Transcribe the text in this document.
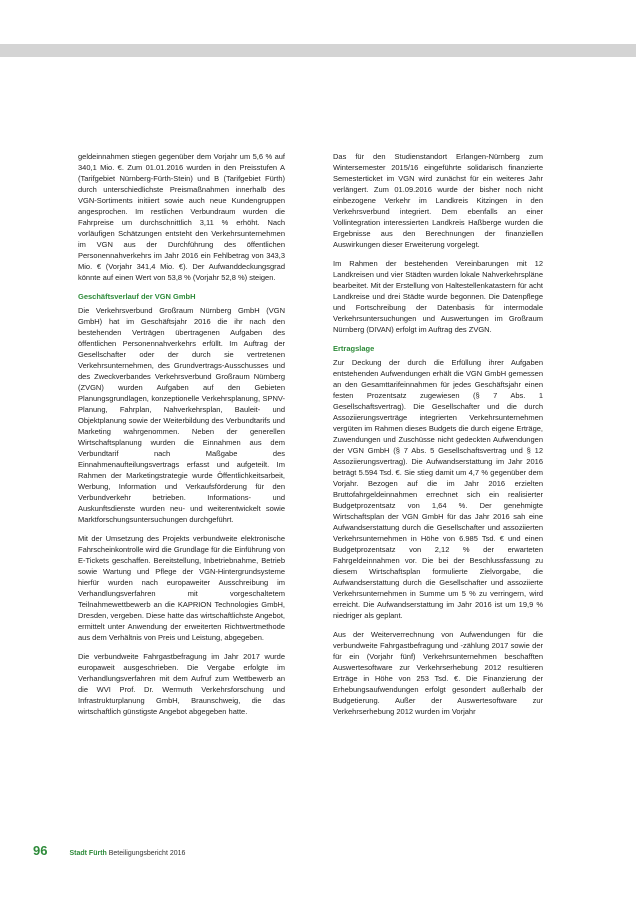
geldeinnahmen stiegen gegenüber dem Vorjahr um 5,6 % auf 340,1 Mio. €. Zum 01.01.2016 wurden in den Preisstufen A (Tarifgebiet Nürnberg-Fürth-Stein) und B (Tarifgebiet Fürth) durch unterschiedlichste Preismaßnahmen innerhalb des VGN-Sortiments initiiert sowie auch neue Kundengruppen angesprochen. Im restlichen Verbundraum wurden die Fahrpreise um durchschnittlich 3,11 % erhöht. Nach vorläufigen Schätzungen entsteht den Verkehrsunternehmen im VGN aus der Durchführung des öffentlichen Personennahverkehrs im Jahr 2016 ein Fehlbetrag von 343,3 Mio. € (Vorjahr 341,4 Mio. €). Der Aufwanddeckungsgrad könnte auf einen Wert von 53,8 % (Vorjahr 52,8 %) steigen.

Geschäftsverlauf der VGN GmbH

Die Verkehrsverbund Großraum Nürnberg GmbH (VGN GmbH) hat im Geschäftsjahr 2016 die ihr nach den bestehenden Verträgen übertragenen Aufgaben des öffentlichen Personennahverkehrs erfüllt. Im Auftrag der Gesellschafter oder der durch sie vertretenen Verkehrsunternehmen, des Grundvertrags-Ausschusses und des Zweckverbandes Verkehrsverbund Großraum Nürnberg (ZVGN) wurden Aufgaben auf den Gebieten Planungsgrundlagen, konzeptionelle Verkehrsplanung, SPNV-Planung, Fahrplan, Nahverkehrsplan, Bauleit- und Objektplanung sowie der Weiterbildung des Verbundtarifs und Marketing wahrgenommen. Neben der generellen Wirtschaftsplanung wurden die Einnahmen aus dem Verbundtarif nach Maßgabe des Einnahmenaufteilungsvertrags erfasst und aufgeteilt. Im Rahmen der Marketingstrategie wurde Öffentlichkeitsarbeit, Werbung, Information und Verkaufsförderung für den Verbundverkehr betrieben. Informations- und Auskunftsdienste wurden neu- und weiterentwickelt sowie Marktforschungsuntersuchungen durchgeführt.

Mit der Umsetzung des Projekts verbundweite elektronische Fahrscheinkontrolle wird die Grundlage für die Einführung von E-Tickets geschaffen. Bereitstellung, Inbetriebnahme, Betrieb sowie Wartung und Pflege der VGN-Hintergrundsysteme hierfür wurden nach europaweiter Ausschreibung im Verhandlungsverfahren mit vorgeschaltetem Teilnahmewettbewerb an die KAPRION Technologies GmbH, Dresden, vergeben. Diese hatte das wirtschaftlichste Angebot, ermittelt unter Anwendung der erweiterten Richtwertmethode aus dem Verhältnis von Preis und Leistung, abgegeben.

Die verbundweite Fahrgastbefragung im Jahr 2017 wurde europaweit ausgeschrieben. Die Vergabe erfolgte im Verhandlungsverfahren mit dem Aufruf zum Wettbewerb an die WVI Prof. Dr. Wermuth Verkehrsforschung und Infrastrukturplanung GmbH, Braunschweig, die das wirtschaftlich günstigste Angebot abgegeben hatte.

Das für den Studienstandort Erlangen-Nürnberg zum Wintersemester 2015/16 eingeführte solidarisch finanzierte Semesterticket im VGN wird zunächst für ein weiteres Jahr verlängert. Zum 01.09.2016 wurde der bisher noch nicht einbezogene Verkehr im Landkreis Kitzingen in den Verkehrsverbund integriert. Dem ebenfalls an einer Vollintegration interessierten Landkreis Haßberge wurden die Ergebnisse aus den Berechnungen der finanziellen Auswirkungen dieser Erweiterung vorgelegt.

Im Rahmen der bestehenden Vereinbarungen mit 12 Landkreisen und vier Städten wurden lokale Nahverkehrspläne bearbeitet. Mit der Erstellung von Haltestellenkatastern für acht Landkreise und drei Städte wurde begonnen. Die Datenpflege und Fortschreibung der Datenbasis für intermodale Verkehrsuntersuchungen und Auswertungen im Großraum Nürnberg (DIVAN) erfolgt im Auftrag des ZVGN.

Ertragslage

Zur Deckung der durch die Erfüllung ihrer Aufgaben entstehenden Aufwendungen erhält die VGN GmbH gemessen an den Gesamttarifeinnahmen für jedes Geschäftsjahr einen festen Prozentsatz zugewiesen (§ 7 Abs. 1 Gesellschaftsvertrag). Die Gesellschafter und die durch Assoziierungsverträge integrierten Verkehrsunternehmen vergüten im Rahmen dieses Budgets die durch eigene Erträge, Zuwendungen und Zuschüsse nicht gedeckten Aufwendungen der VGN GmbH (§ 7 Abs. 5 Gesellschaftsvertrag und § 12 Assoziierungsvertrag). Die Aufwandserstattung im Jahr 2016 beträgt 5.594 Tsd. €. Sie stieg damit um 4,7 % gegenüber dem Vorjahr. Bezogen auf die im Jahr 2016 erzielten Bruttofahrgeldeinnahmen errechnet sich ein realisierter Budgetprozentsatz von 1,64 %. Der genehmigte Wirtschaftsplan der VGN GmbH für das Jahr 2016 sah eine Aufwandserstattung durch die Gesellschafter und assoziierten Verkehrsunternehmen in Höhe von 6.985 Tsd. € und einen Budgetprozentsatz von 2,12 % der erwarteten Fahrgeldeinnahmen vor. Die bei der Beschlussfassung zu diesem Wirtschaftsplan formulierte Zielvorgabe, die Aufwandserstattung durch die Gesellschafter und assoziierte Verkehrsunternehmen in Summe um 5 % zu verringern, wird erreicht. Die Aufwandserstattung im Jahr 2016 ist um 19,9 % niedriger als geplant.

Aus der Weiterverrechnung von Aufwendungen für die verbundweite Fahrgastbefragung und -zählung 2017 sowie der für ein (Vorjahr fünf) Verkehrsunternehmen beschafften Auswertesoftware zur Verkehrserhebung 2012 resultieren Erträge in Höhe von 253 Tsd. €. Die Finanzierung der Erhebungsaufwendungen erfolgt gesondert außerhalb der Budgetierung. Außer der Auswertesoftware zur Verkehrserhebung 2012 wurden im Vorjahr

96	Stadt Fürth Beteiligungsbericht 2016
